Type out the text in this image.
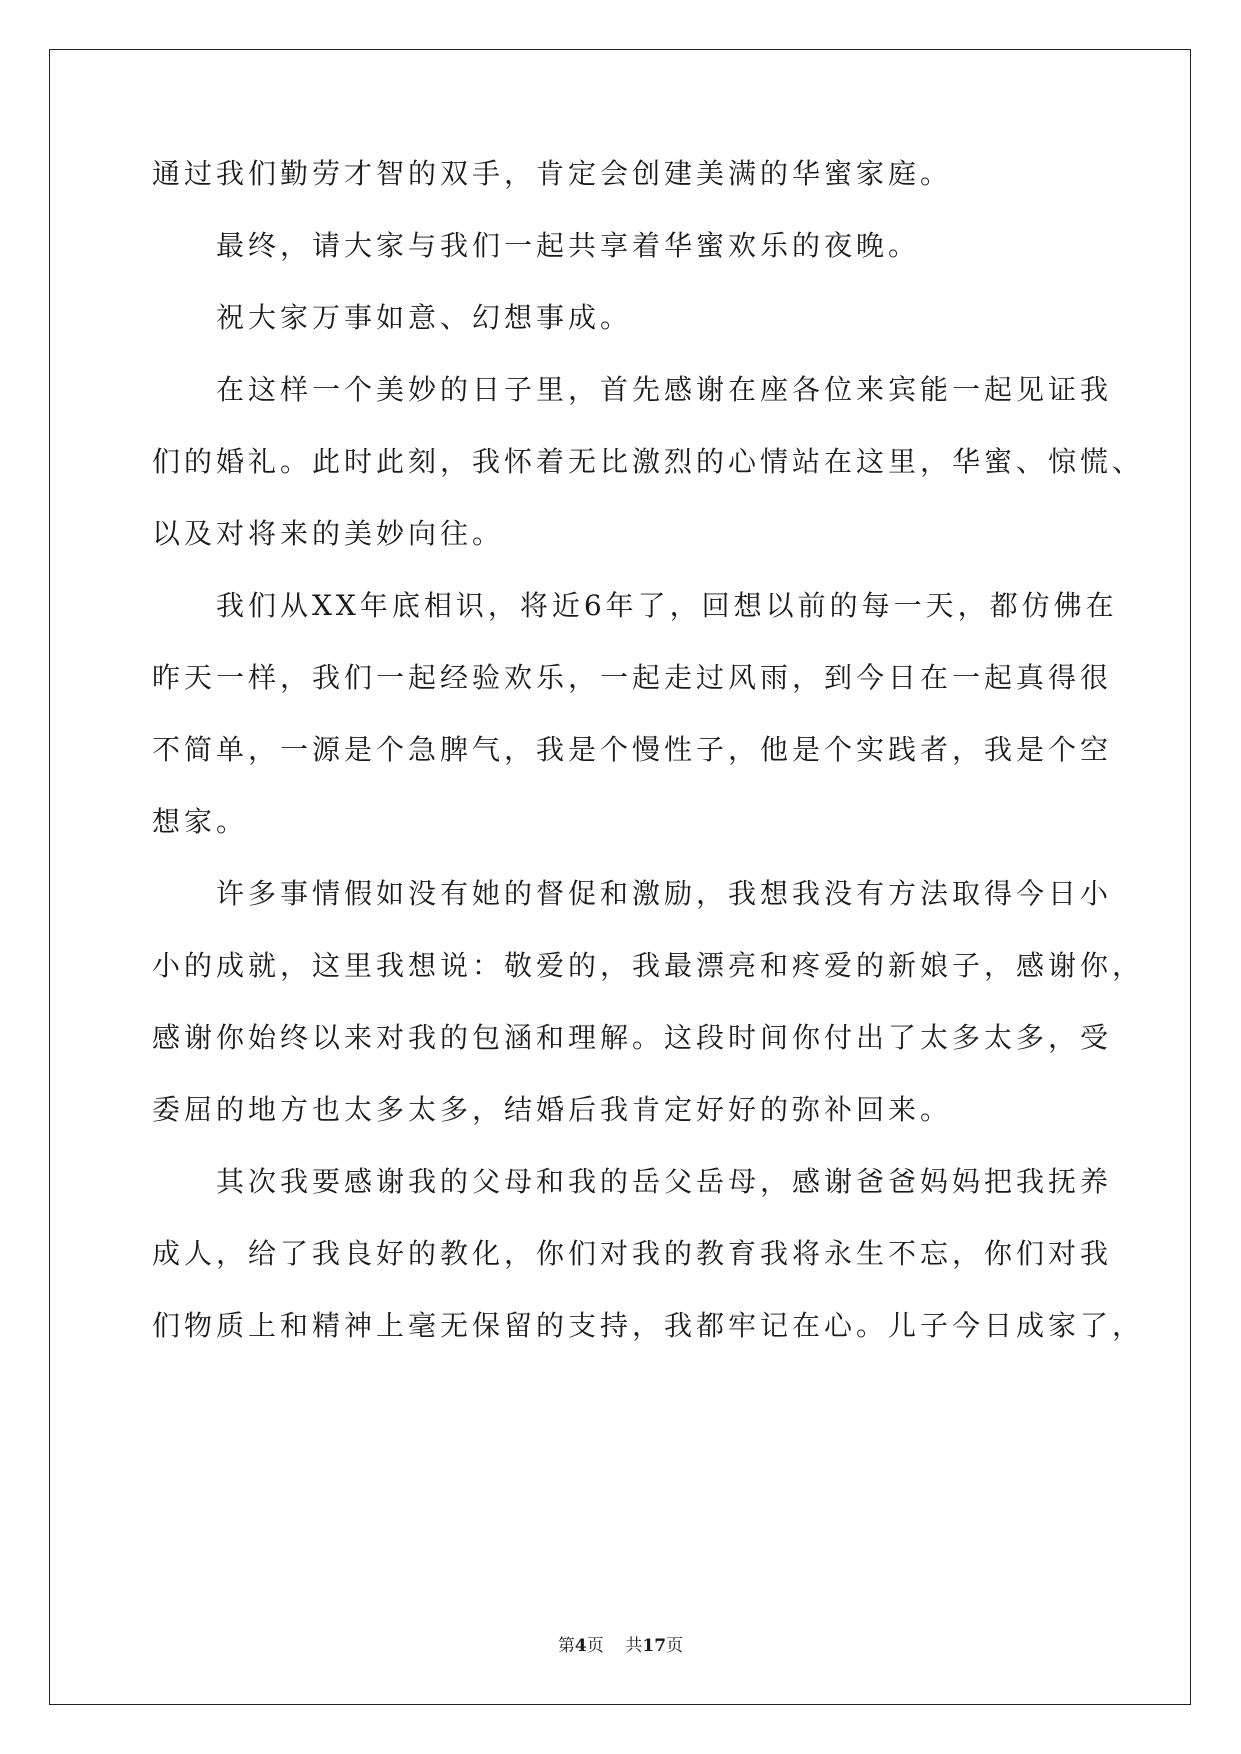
通过我们勤劳才智的双手，肯定会创建美满的华蜜家庭。
　　最终，请大家与我们一起共享着华蜜欢乐的夜晚。
　　祝大家万事如意、幻想事成。
　　在这样一个美妙的日子里，首先感谢在座各位来宾能一起见证我
们的婚礼。此时此刻，我怀着无比激烈的心情站在这里，华蜜、惊慌、
以及对将来的美妙向往。
　　我们从XX年底相识，将近6年了，回想以前的每一天，都仿佛在
昨天一样，我们一起经验欢乐，一起走过风雨，到今日在一起真得很
不简单，一源是个急脾气，我是个慢性子，他是个实践者，我是个空
想家。
　　许多事情假如没有她的督促和激励，我想我没有方法取得今日小
小的成就，这里我想说：敬爱的，我最漂亮和疼爱的新娘子，感谢你，
感谢你始终以来对我的包涵和理解。这段时间你付出了太多太多，受
委屈的地方也太多太多，结婚后我肯定好好的弥补回来。
　　其次我要感谢我的父母和我的岳父岳母，感谢爸爸妈妈把我抚养
成人，给了我良好的教化，你们对我的教育我将永生不忘，你们对我
们物质上和精神上毫无保留的支持，我都牢记在心。儿子今日成家了，
第4页 共17页
